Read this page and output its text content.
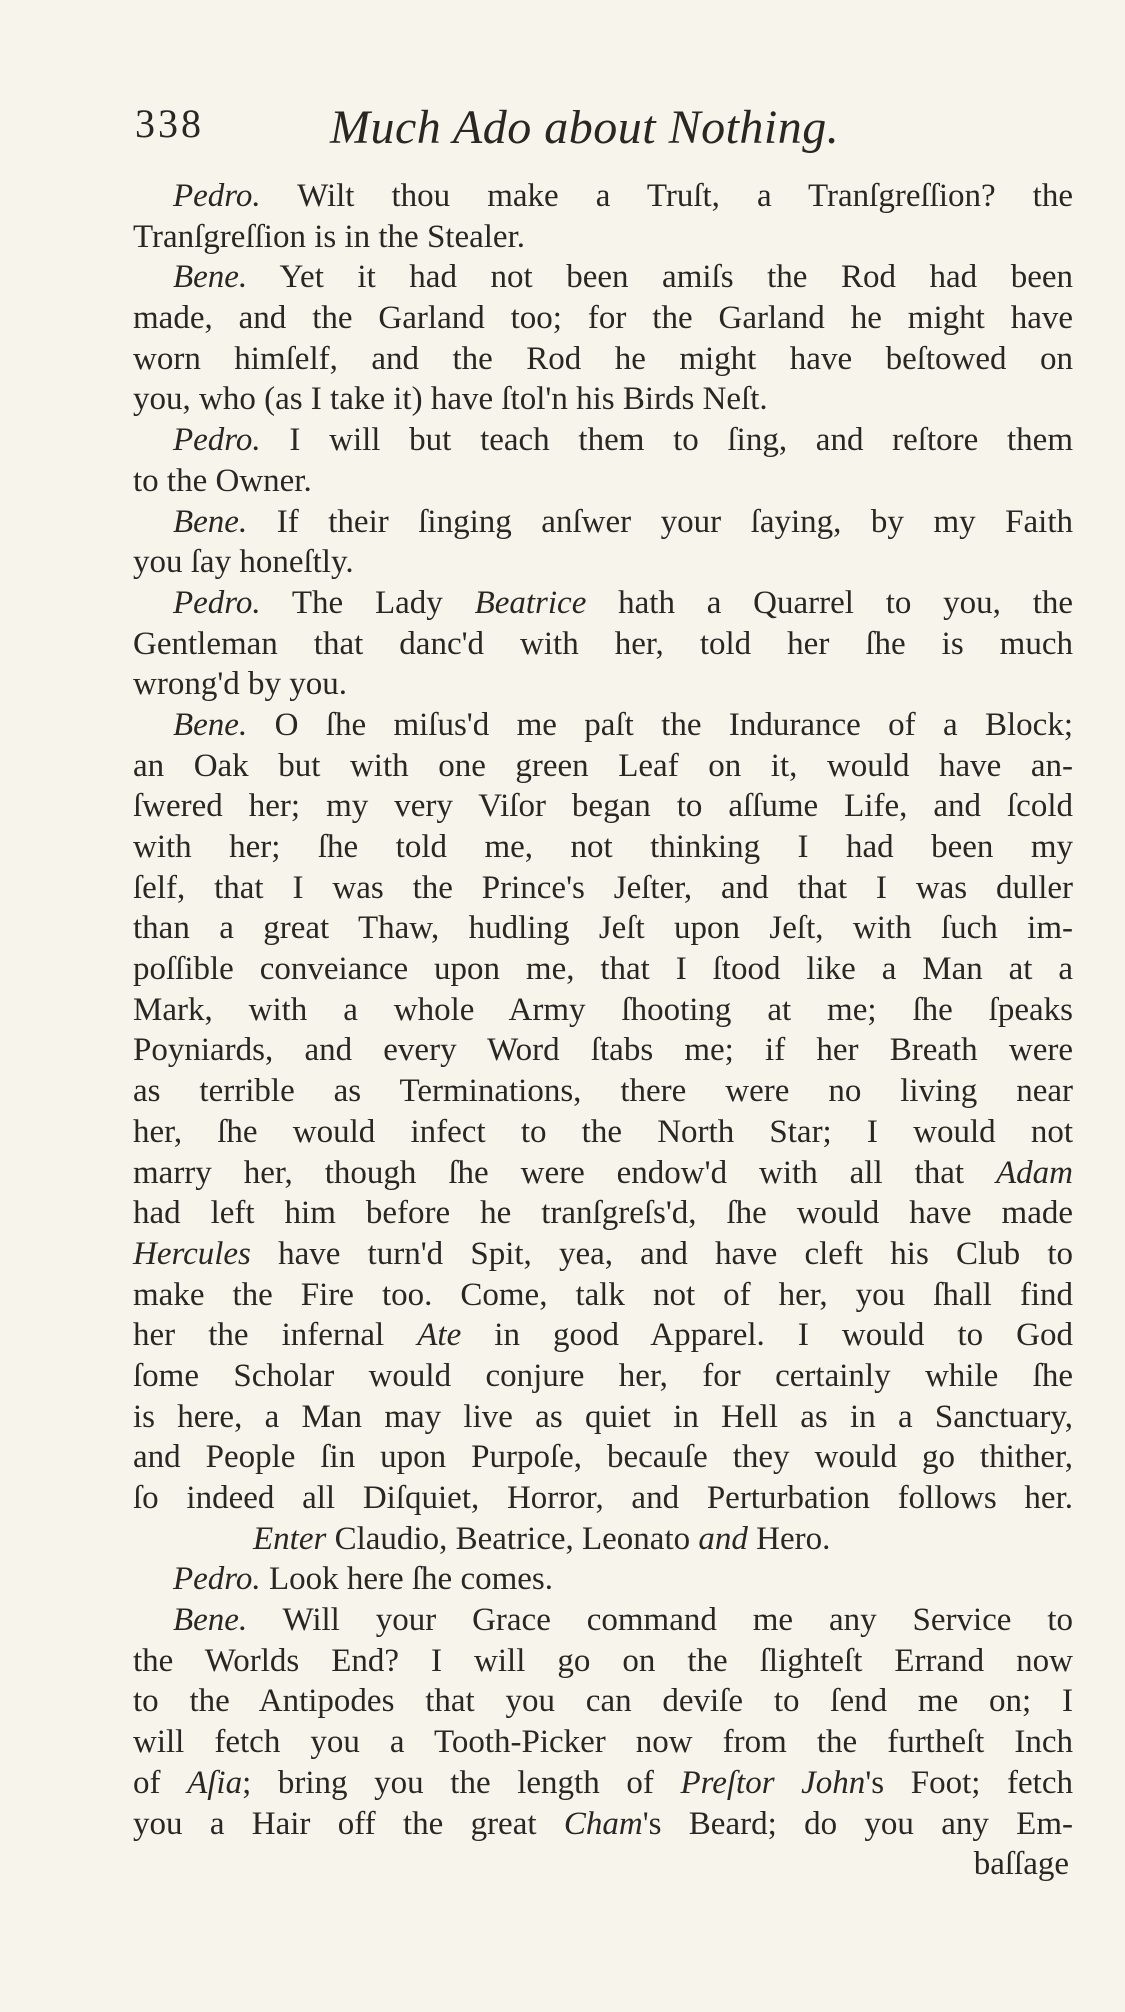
338	Much Ado about Nothing.
Pedro. Wilt thou make a Truſt, a Tranſgreſſion? the
Tranſgreſſion is in the Stealer.
Bene. Yet it had not been amiſs the Rod had been
made, and the Garland too; for the Garland he might have
worn himſelf, and the Rod he might have beſtowed on
you, who (as I take it) have ſtol'n his Birds Neſt.
Pedro. I will but teach them to ſing, and reſtore them
to the Owner.
Bene. If their ſinging anſwer your ſaying, by my Faith
you ſay honeſtly.
Pedro. The Lady Beatrice hath a Quarrel to you, the
Gentleman that danc'd with her, told her ſhe is much
wrong'd by you.
Bene. O ſhe miſus'd me paſt the Indurance of a Block;
an Oak but with one green Leaf on it, would have an-
ſwered her; my very Viſor began to aſſume Life, and ſcold
with her; ſhe told me, not thinking I had been my
ſelf, that I was the Prince's Jeſter, and that I was duller
than a great Thaw, hudling Jeſt upon Jeſt, with ſuch im-
poſſible conveiance upon me, that I ſtood like a Man at a
Mark, with a whole Army ſhooting at me; ſhe ſpeaks
Poyniards, and every Word ſtabs me; if her Breath were
as terrible as Terminations, there were no living near
her, ſhe would infect to the North Star; I would not
marry her, though ſhe were endow'd with all that Adam
had left him before he tranſgreſs'd, ſhe would have made
Hercules have turn'd Spit, yea, and have cleft his Club to
make the Fire too. Come, talk not of her, you ſhall find
her the infernal Ate in good Apparel. I would to God
ſome Scholar would conjure her, for certainly while ſhe
is here, a Man may live as quiet in Hell as in a Sanctuary,
and People ſin upon Purpoſe, becauſe they would go thither,
ſo indeed all Diſquiet, Horror, and Perturbation follows her.
Enter Claudio, Beatrice, Leonato and Hero.
Pedro. Look here ſhe comes.
Bene. Will your Grace command me any Service to
the Worlds End? I will go on the ſlighteſt Errand now
to the Antipodes that you can deviſe to ſend me on; I
will fetch you a Tooth-Picker now from the furtheſt Inch
of Aſia; bring you the length of Preſtor John's Foot; fetch
you a Hair off the great Cham's Beard; do you any Em-
baſſage
